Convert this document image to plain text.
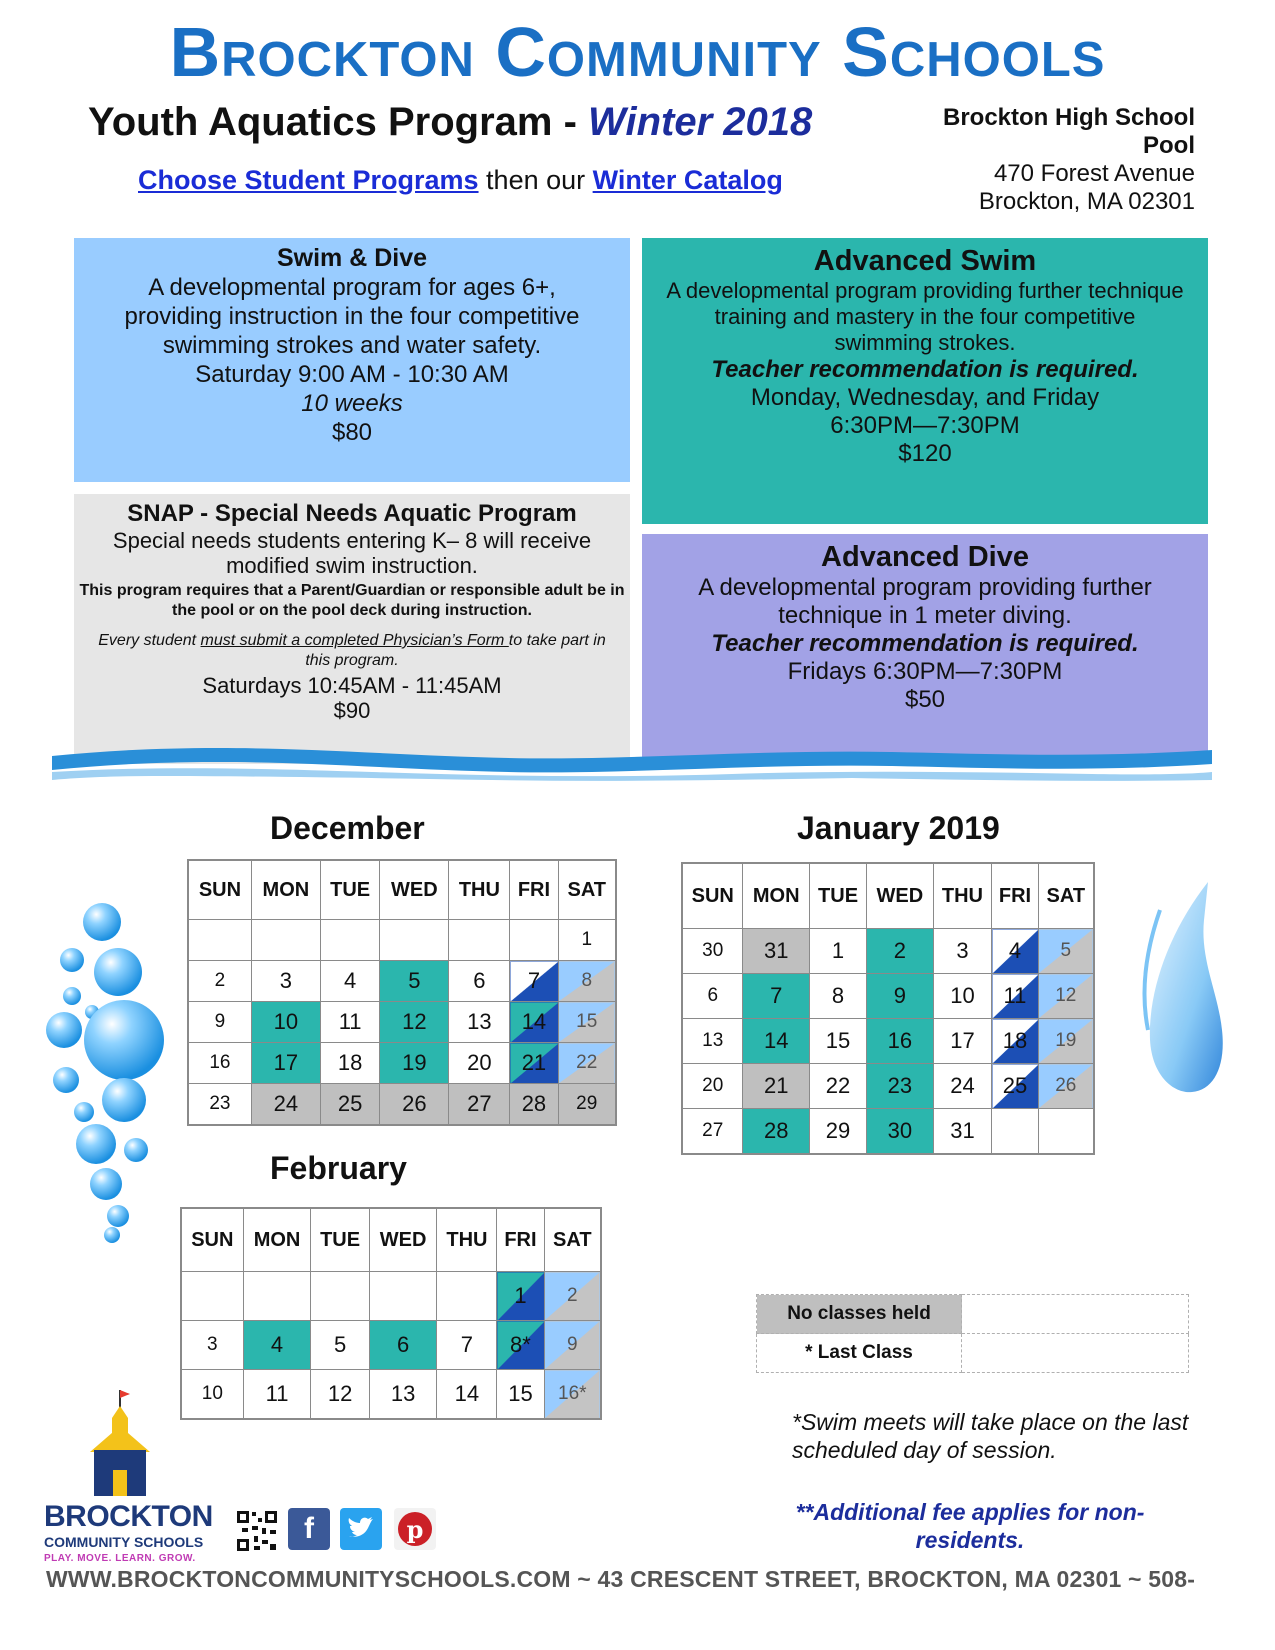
Brockton Community Schools
Youth Aquatics Program - Winter 2018
Choose Student Programs then our Winter Catalog
Brockton High School
Pool
470 Forest Avenue
Brockton, MA 02301
Swim & Dive
A developmental program for ages 6+,
providing instruction in the four competitive
swimming strokes and water safety.
Saturday 9:00 AM - 10:30 AM
10 weeks
$80
Advanced Swim
A developmental program providing further technique
training and mastery in the four competitive
swimming strokes.
Teacher recommendation is required.
Monday, Wednesday, and Friday
6:30PM—7:30PM
$120
SNAP - Special Needs Aquatic Program
Special needs students entering K– 8 will receive
modified swim instruction.
This program requires that a Parent/Guardian or responsible adult be in the pool or on the pool deck during instruction.
Every student must submit a completed Physician’s Form to take part in this program.
Saturdays 10:45AM - 11:45AM
$90
Advanced Dive
A developmental program providing further
technique in 1 meter diving.
Teacher recommendation is required.
Fridays 6:30PM—7:30PM
$50
December	January 2019
February
SUN	MON	TUE	WED	THU	FRI	SAT
						1
2	3	4	5	6	7	8
9	10	11	12	13	14	15
16	17	18	19	20	21	22
23	24	25	26	27	28	29
SUN	MON	TUE	WED	THU	FRI	SAT
30	31	1	2	3	4	5
6	7	8	9	10	11	12
13	14	15	16	17	18	19
20	21	22	23	24	25	26
27	28	29	30	31		
SUN	MON	TUE	WED	THU	FRI	SAT
					1	2
3	4	5	6	7	8*	9
10	11	12	13	14	15	16*
No classes held	
* Last Class	
*Swim meets will take place on the last scheduled day of session.
**Additional fee applies for non-residents.
BROCKTON
COMMUNITY SCHOOLS
PLAY. MOVE. LEARN. GROW.
f	p
WWW.BROCKTONCOMMUNITYSCHOOLS.COM ~ 43 CRESCENT STREET, BROCKTON, MA 02301 ~ 508-
